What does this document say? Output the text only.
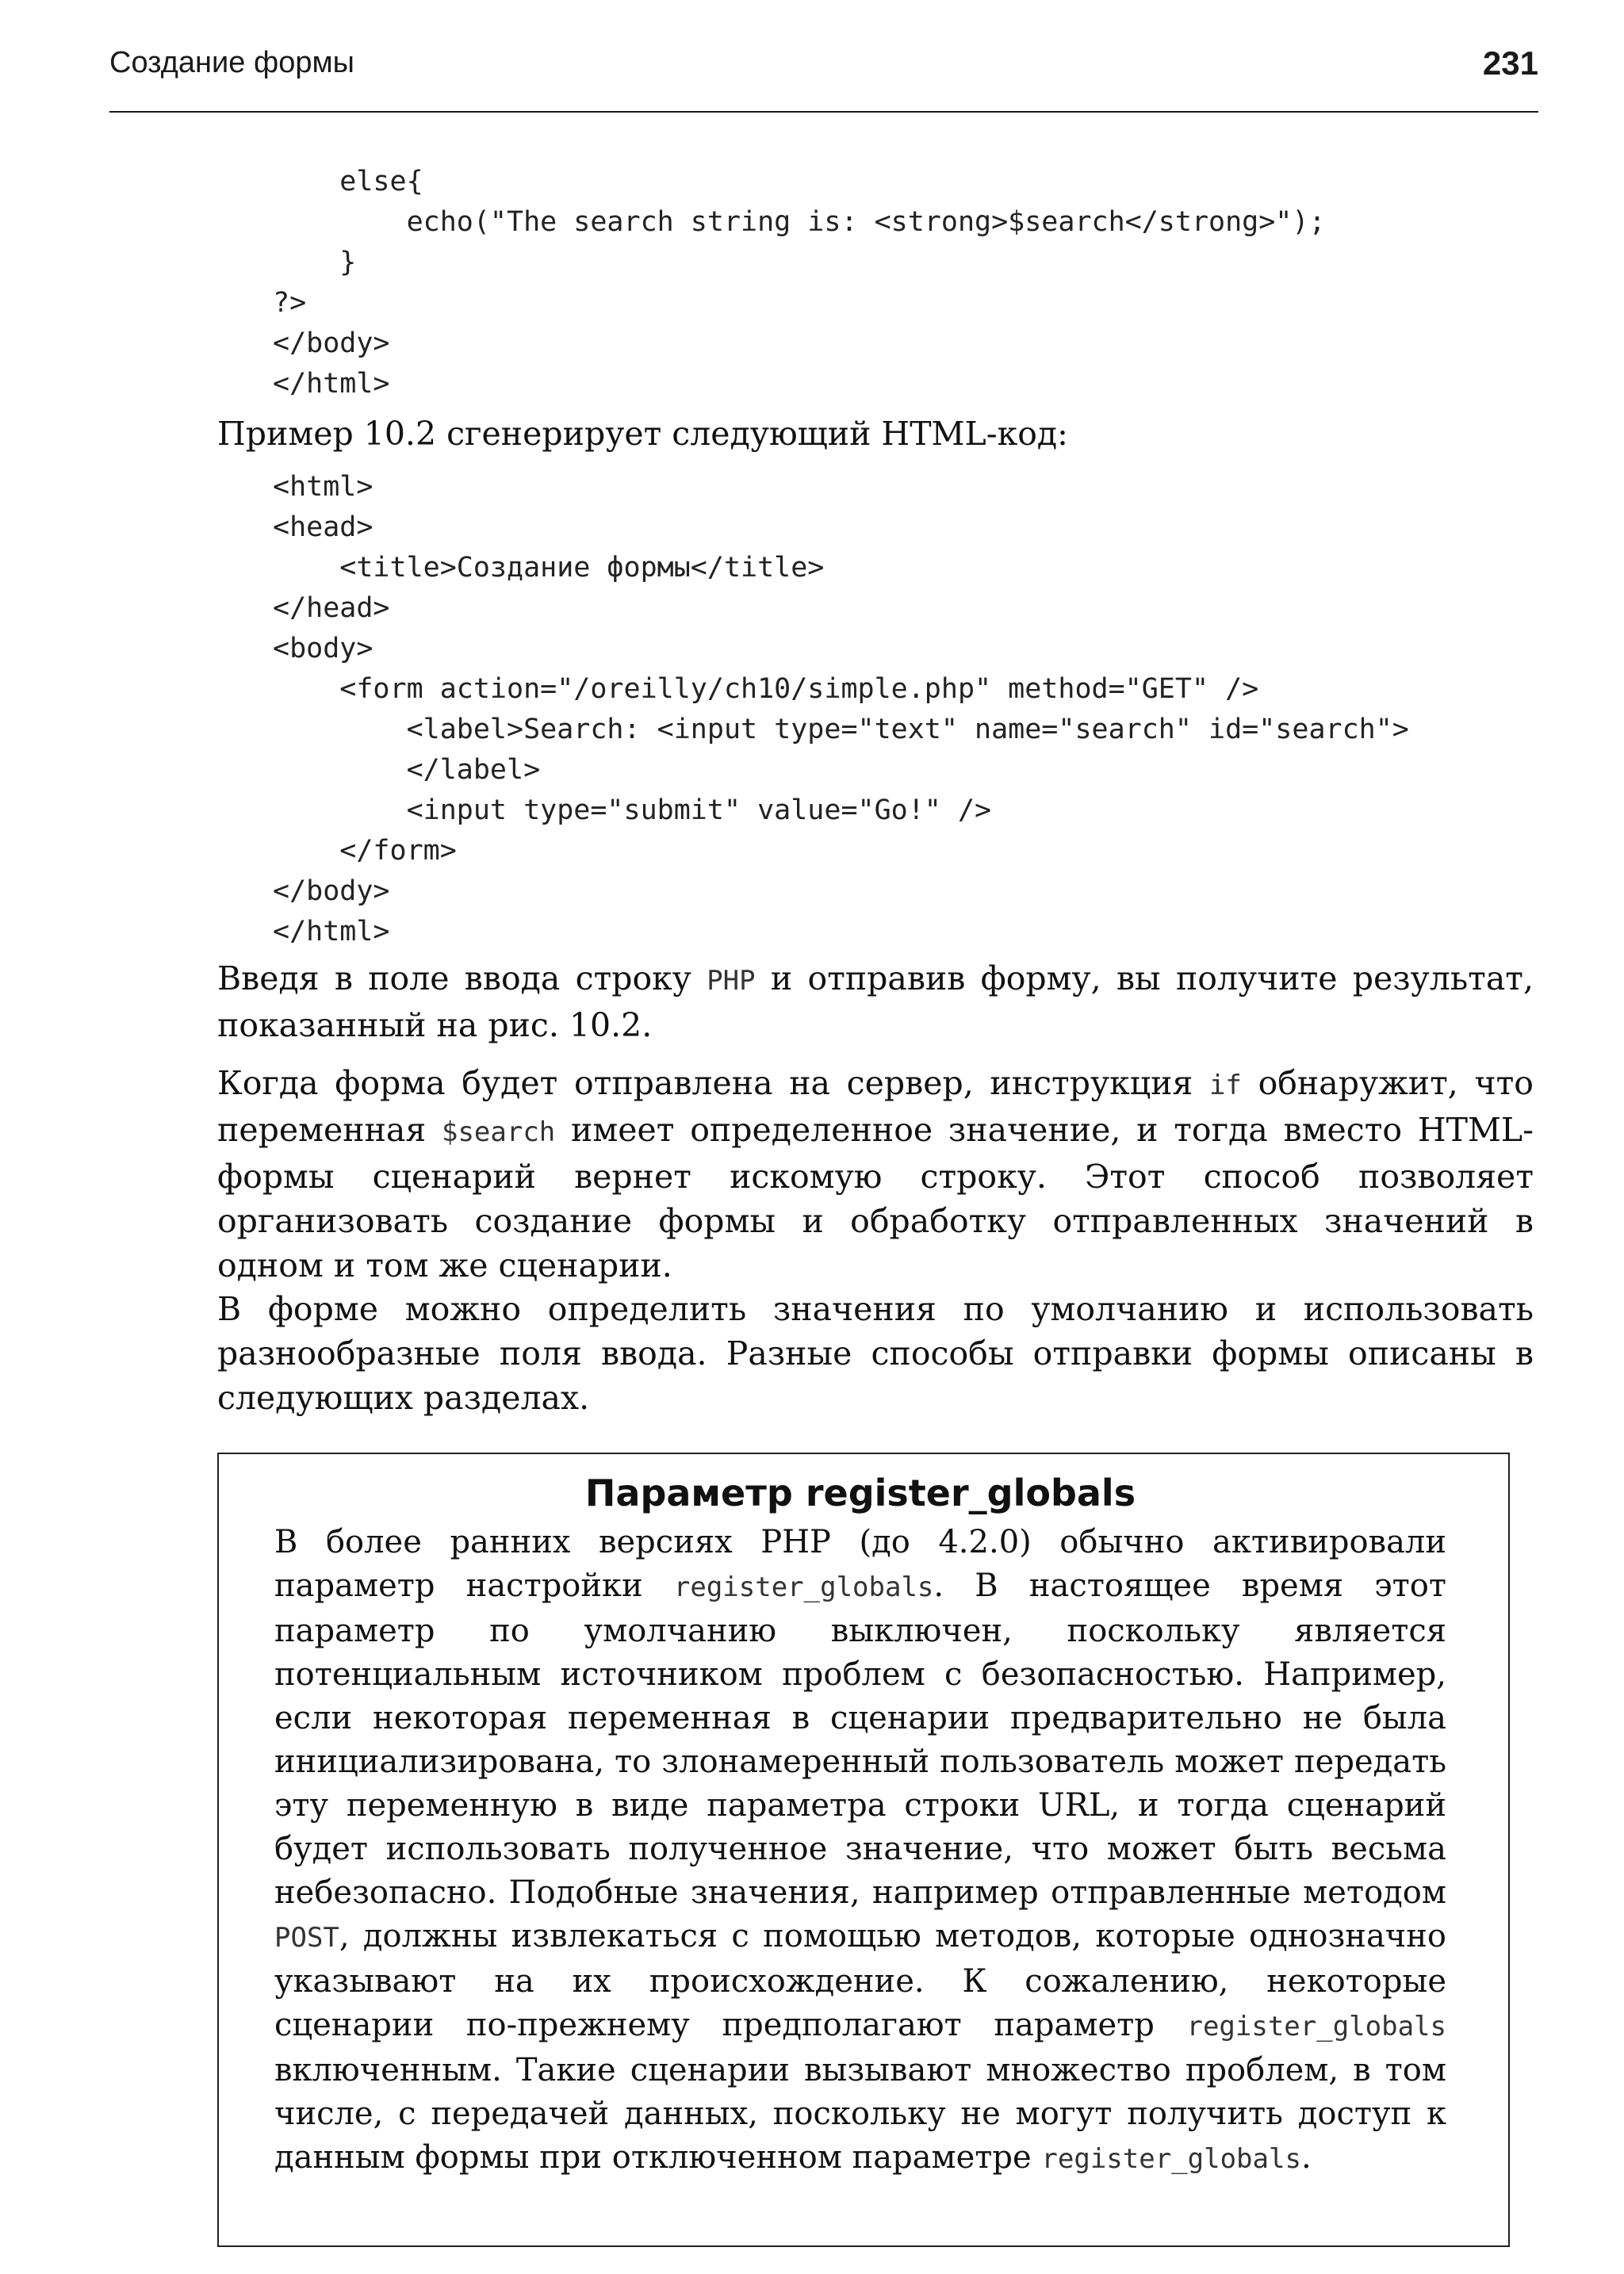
Создание формы	231
else{
echo("The search string is: <strong>$search</strong>");
}
?>
</body>
</html>

Пример 10.2 сгенерирует следующий HTML-код:

<html>
<head>
<title>Создание формы</title>
</head>
<body>
<form action="/oreilly/ch10/simple.php" method="GET" />
<label>Search: <input type="text" name="search" id="search">
</label>
<input type="submit" value="Go!" />
</form>
</body>
</html>

Введя в поле ввода строку PHP и отправив форму, вы получите результат, показанный на рис. 10.2.

Когда форма будет отправлена на сервер, инструкция if обнаружит, что переменная $search имеет определенное значение, и тогда вместо HTML-формы сценарий вернет искомую строку. Этот способ позволяет организовать создание формы и обработку отправленных значений в одном и том же сценарии.

В форме можно определить значения по умолчанию и использовать разнообразные поля ввода. Разные способы отправки формы описаны в следующих разделах.

Параметр register_globals

В более ранних версиях PHP (до 4.2.0) обычно активировали параметр настройки register_globals. В настоящее время этот параметр по умолчанию выключен, поскольку является потенциальным источником проблем с безопасностью. Например, если некоторая переменная в сценарии предварительно не была инициализирована, то злонамеренный пользователь может передать эту переменную в виде параметра строки URL, и тогда сценарий будет использовать полученное значение, что может быть весьма небезопасно. Подобные значения, например отправленные методом POST, должны извлекаться с помощью методов, которые однозначно указывают на их происхождение. К сожалению, некоторые сценарии по-прежнему предполагают параметр register_globals включенным. Такие сценарии вызывают множество проблем, в том числе, с передачей данных, поскольку не могут получить доступ к данным формы при отключенном параметре register_globals.
